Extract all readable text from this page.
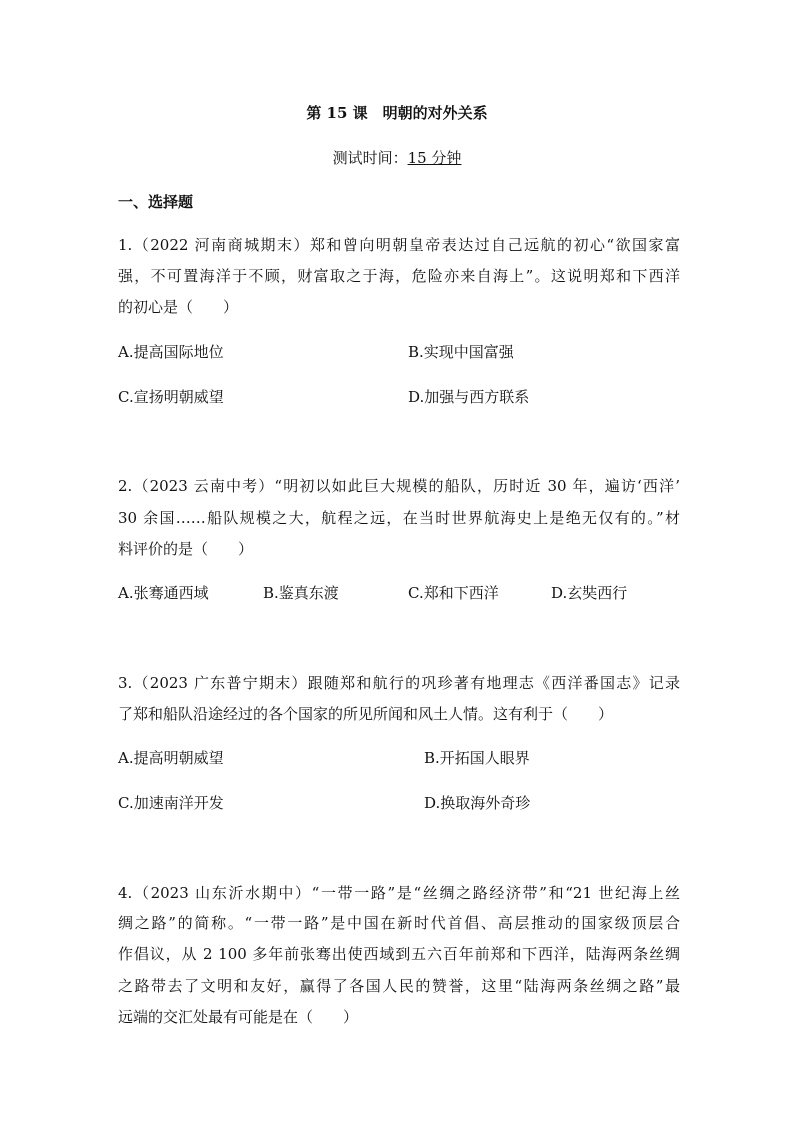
第 15 课　明朝的对外关系
测试时间：15 分钟
一、选择题
1.（2022 河南商城期末）郑和曾向明朝皇帝表达过自己远航的初心“欲国家富
强，不可置海洋于不顾，财富取之于海，危险亦来自海上”。这说明郑和下西洋
的初心是（　　）
A.提高国际地位	B.实现中国富强
C.宣扬明朝威望	D.加强与西方联系
2.（2023 云南中考）“明初以如此巨大规模的船队，历时近 30 年，遍访‘西洋’
30 余国……船队规模之大，航程之远，在当时世界航海史上是绝无仅有的。”材
料评价的是（　　）
A.张骞通西域	B.鉴真东渡	C.郑和下西洋	D.玄奘西行
3.（2023 广东普宁期末）跟随郑和航行的巩珍著有地理志《西洋番国志》记录
了郑和船队沿途经过的各个国家的所见所闻和风土人情。这有利于（　　）
A.提高明朝威望	B.开拓国人眼界
C.加速南洋开发	D.换取海外奇珍
4.（2023 山东沂水期中）“一带一路”是“丝绸之路经济带”和“21 世纪海上丝
绸之路”的简称。“一带一路”是中国在新时代首倡、高层推动的国家级顶层合
作倡议，从 2 100 多年前张骞出使西域到五六百年前郑和下西洋，陆海两条丝绸
之路带去了文明和友好，赢得了各国人民的赞誉，这里“陆海两条丝绸之路”最
远端的交汇处最有可能是在（　　）
